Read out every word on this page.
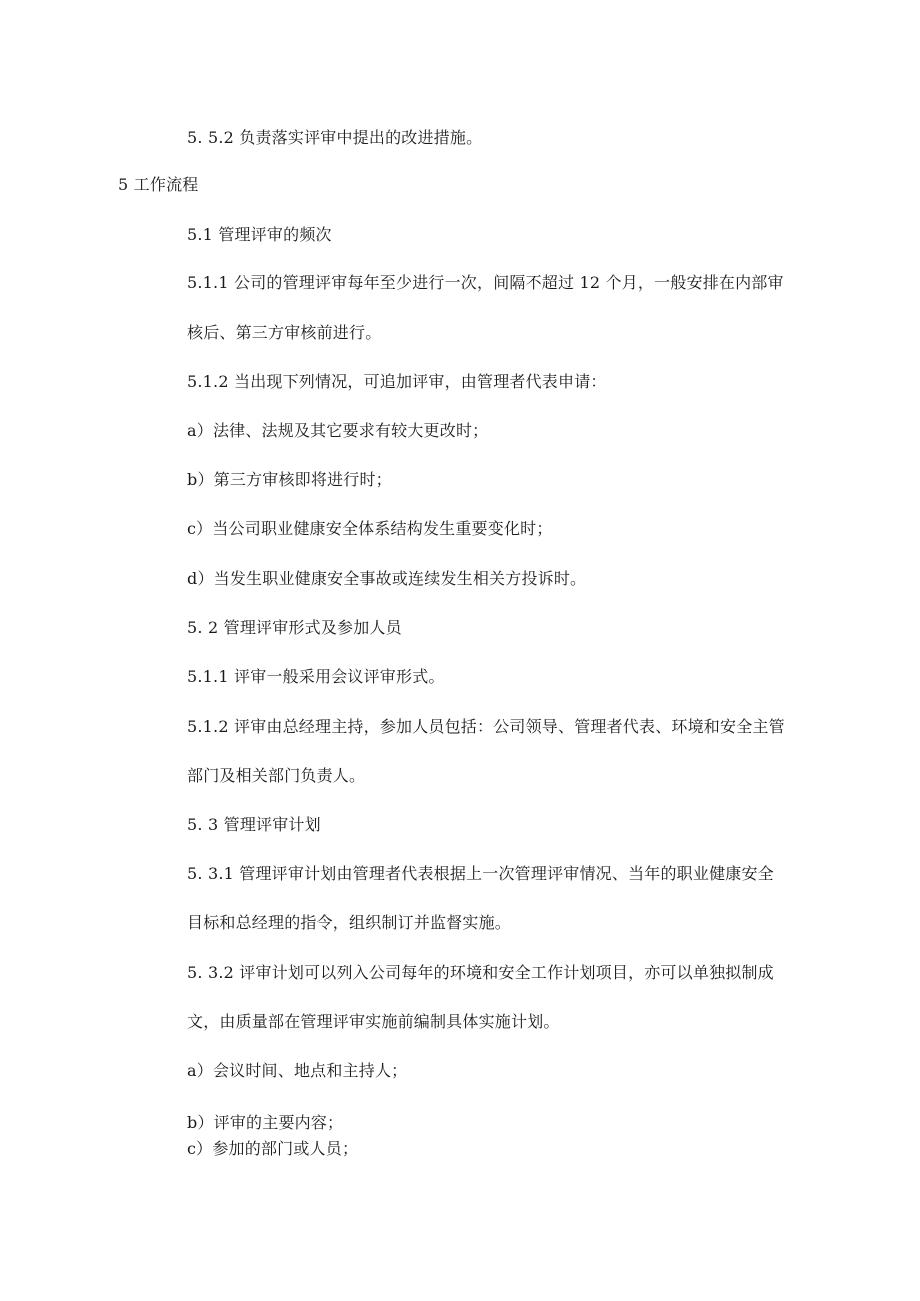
5. 5.2 负责落实评审中提出的改进措施。
5 工作流程
5.1 管理评审的频次
5.1.1 公司的管理评审每年至少进行一次，间隔不超过 12 个月，一般安排在内部审
核后、第三方审核前进行。
5.1.2 当出现下列情况，可追加评审，由管理者代表申请：
a）法律、法规及其它要求有较大更改时；
b）第三方审核即将进行时；
c）当公司职业健康安全体系结构发生重要变化时；
d）当发生职业健康安全事故或连续发生相关方投诉时。
5. 2 管理评审形式及参加人员
5.1.1 评审一般采用会议评审形式。
5.1.2 评审由总经理主持，参加人员包括：公司领导、管理者代表、环境和安全主管
部门及相关部门负责人。
5. 3 管理评审计划
5. 3.1 管理评审计划由管理者代表根据上一次管理评审情况、当年的职业健康安全
目标和总经理的指令，组织制订并监督实施。
5. 3.2 评审计划可以列入公司每年的环境和安全工作计划项目，亦可以单独拟制成
文，由质量部在管理评审实施前编制具体实施计划。
a）会议时间、地点和主持人；
b）评审的主要内容；
c）参加的部门或人员；
